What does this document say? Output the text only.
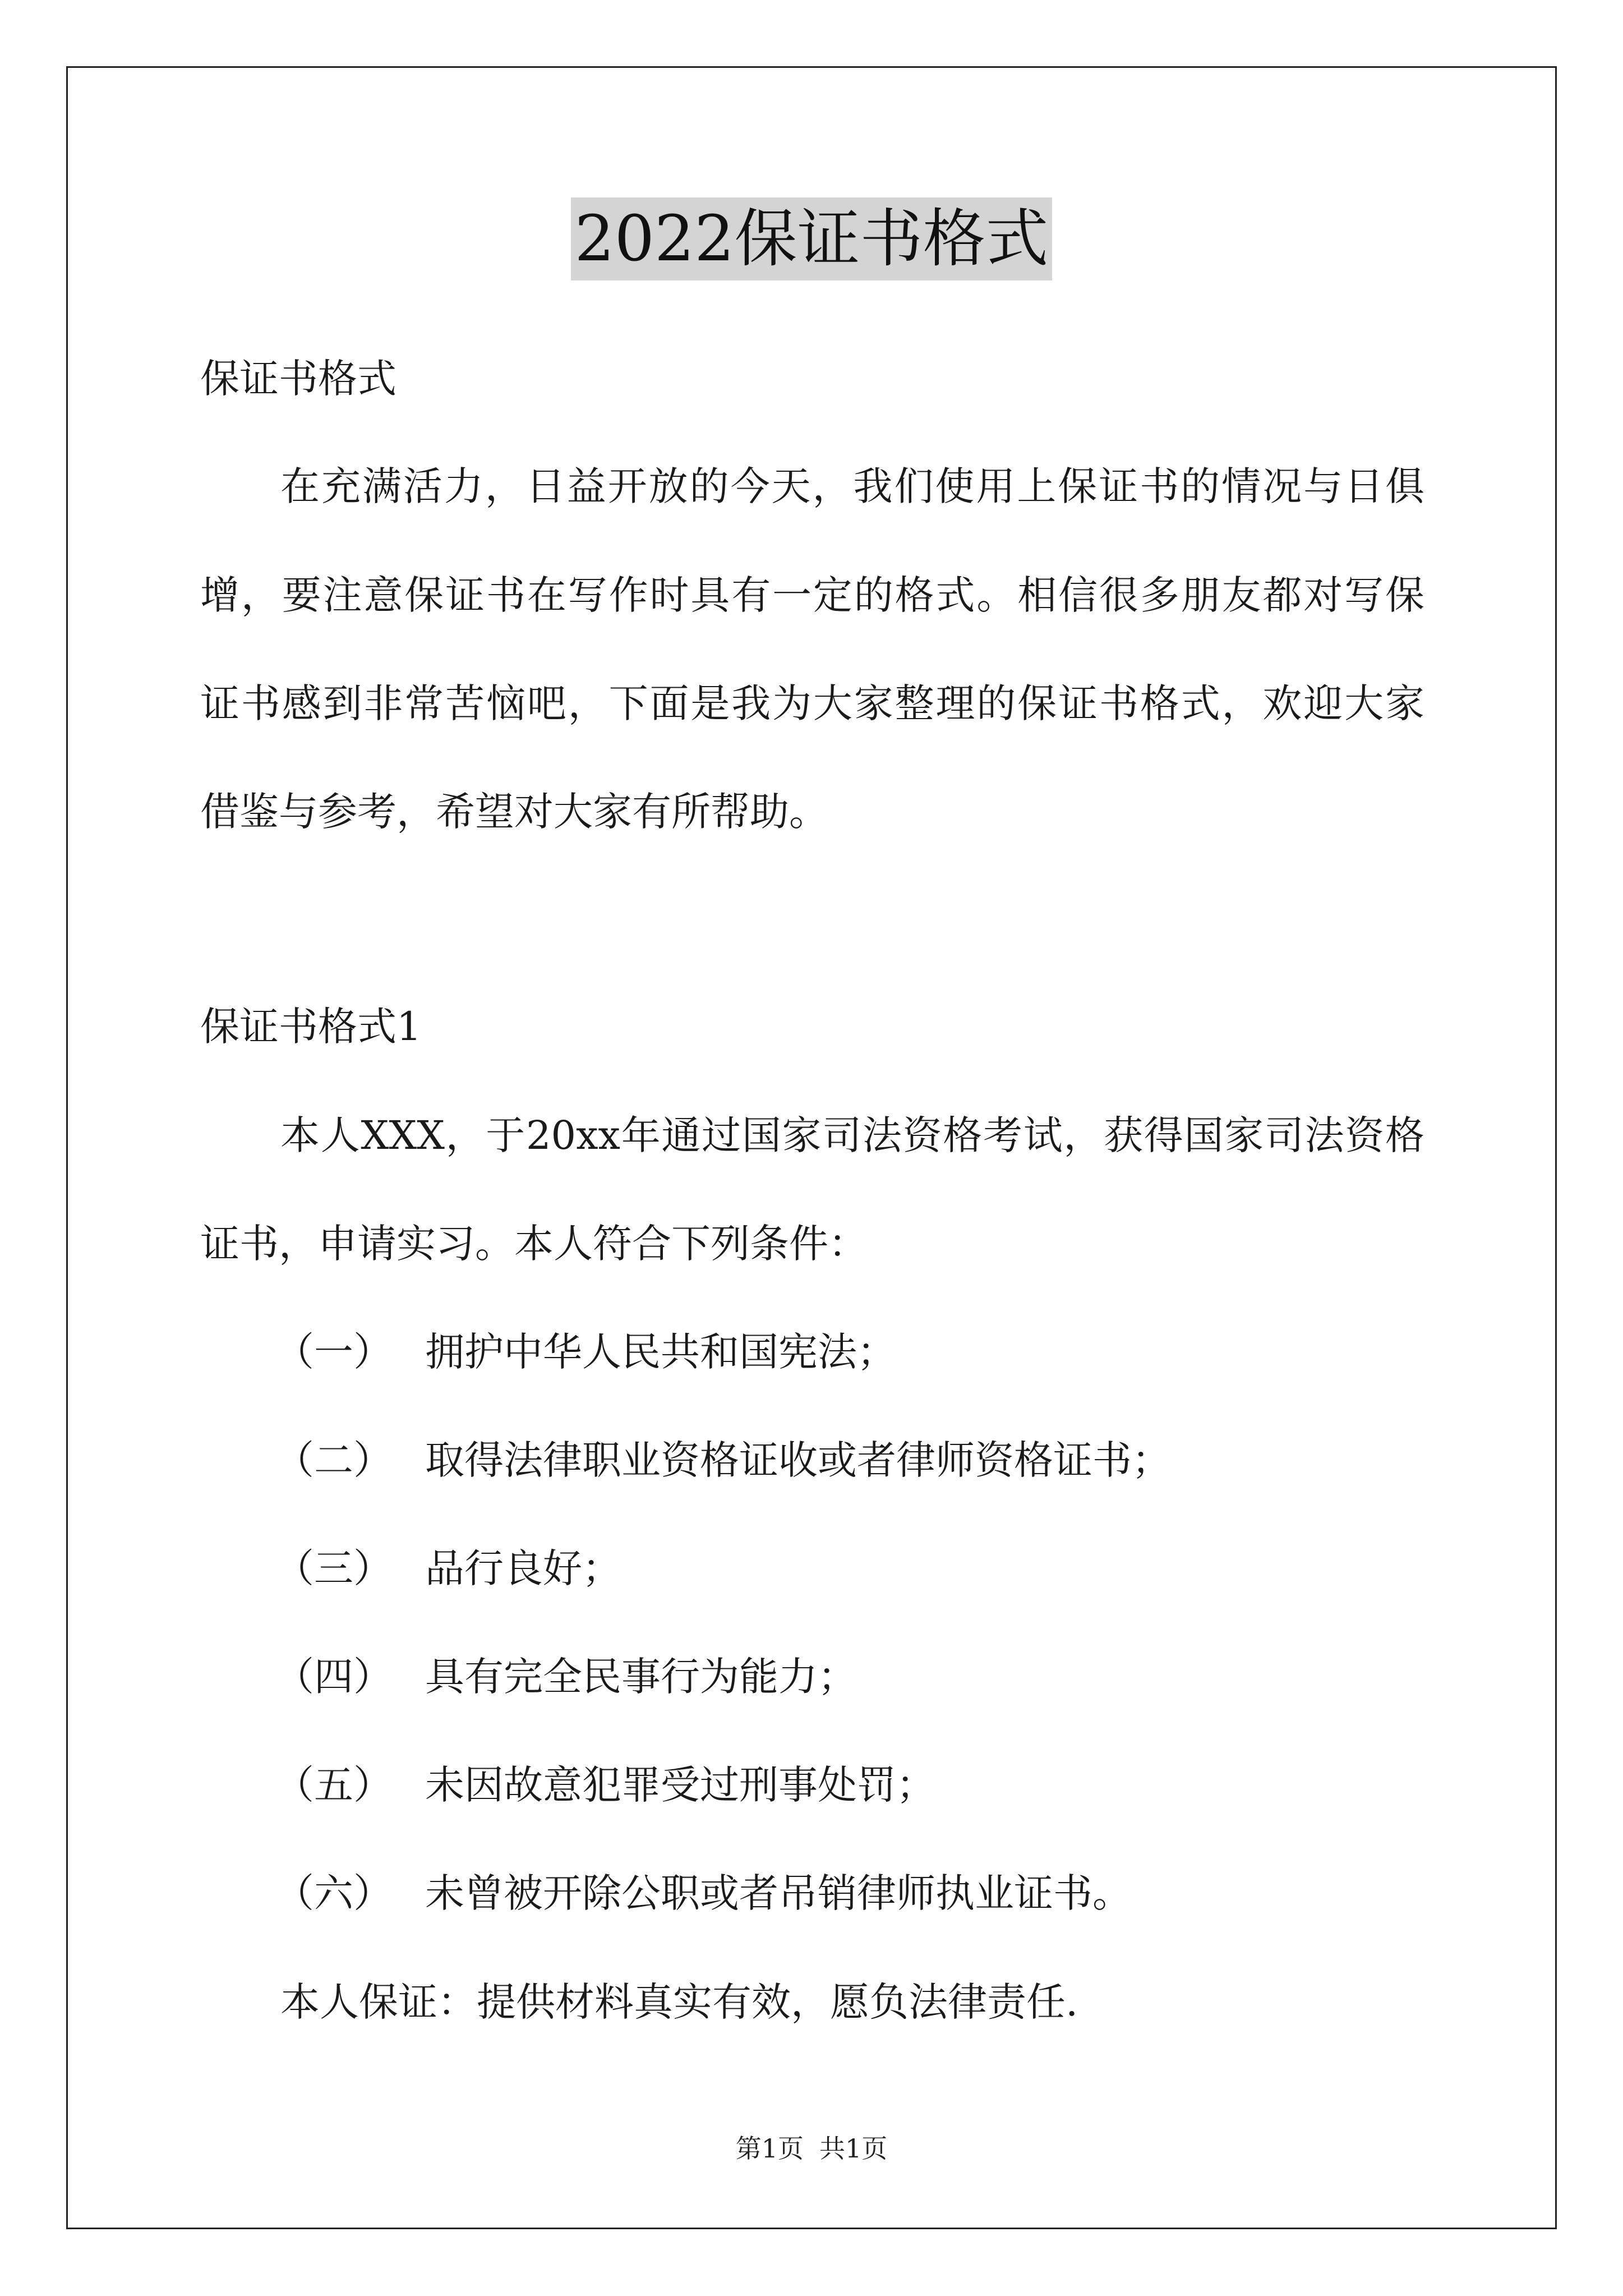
2022保证书格式
保证书格式
在充满活力，日益开放的今天，我们使用上保证书的情况与日俱
增，要注意保证书在写作时具有一定的格式。相信很多朋友都对写保
证书感到非常苦恼吧，下面是我为大家整理的保证书格式，欢迎大家
借鉴与参考，希望对大家有所帮助。
保证书格式1
本人XXX，于20xx年通过国家司法资格考试，获得国家司法资格
证书，申请实习。本人符合下列条件：
（一） 拥护中华人民共和国宪法；
（二） 取得法律职业资格证收或者律师资格证书；
（三） 品行良好；
（四） 具有完全民事行为能力；
（五） 未因故意犯罪受过刑事处罚；
（六） 未曾被开除公职或者吊销律师执业证书。
本人保证：提供材料真实有效，愿负法律责任.
第1页 共1页
